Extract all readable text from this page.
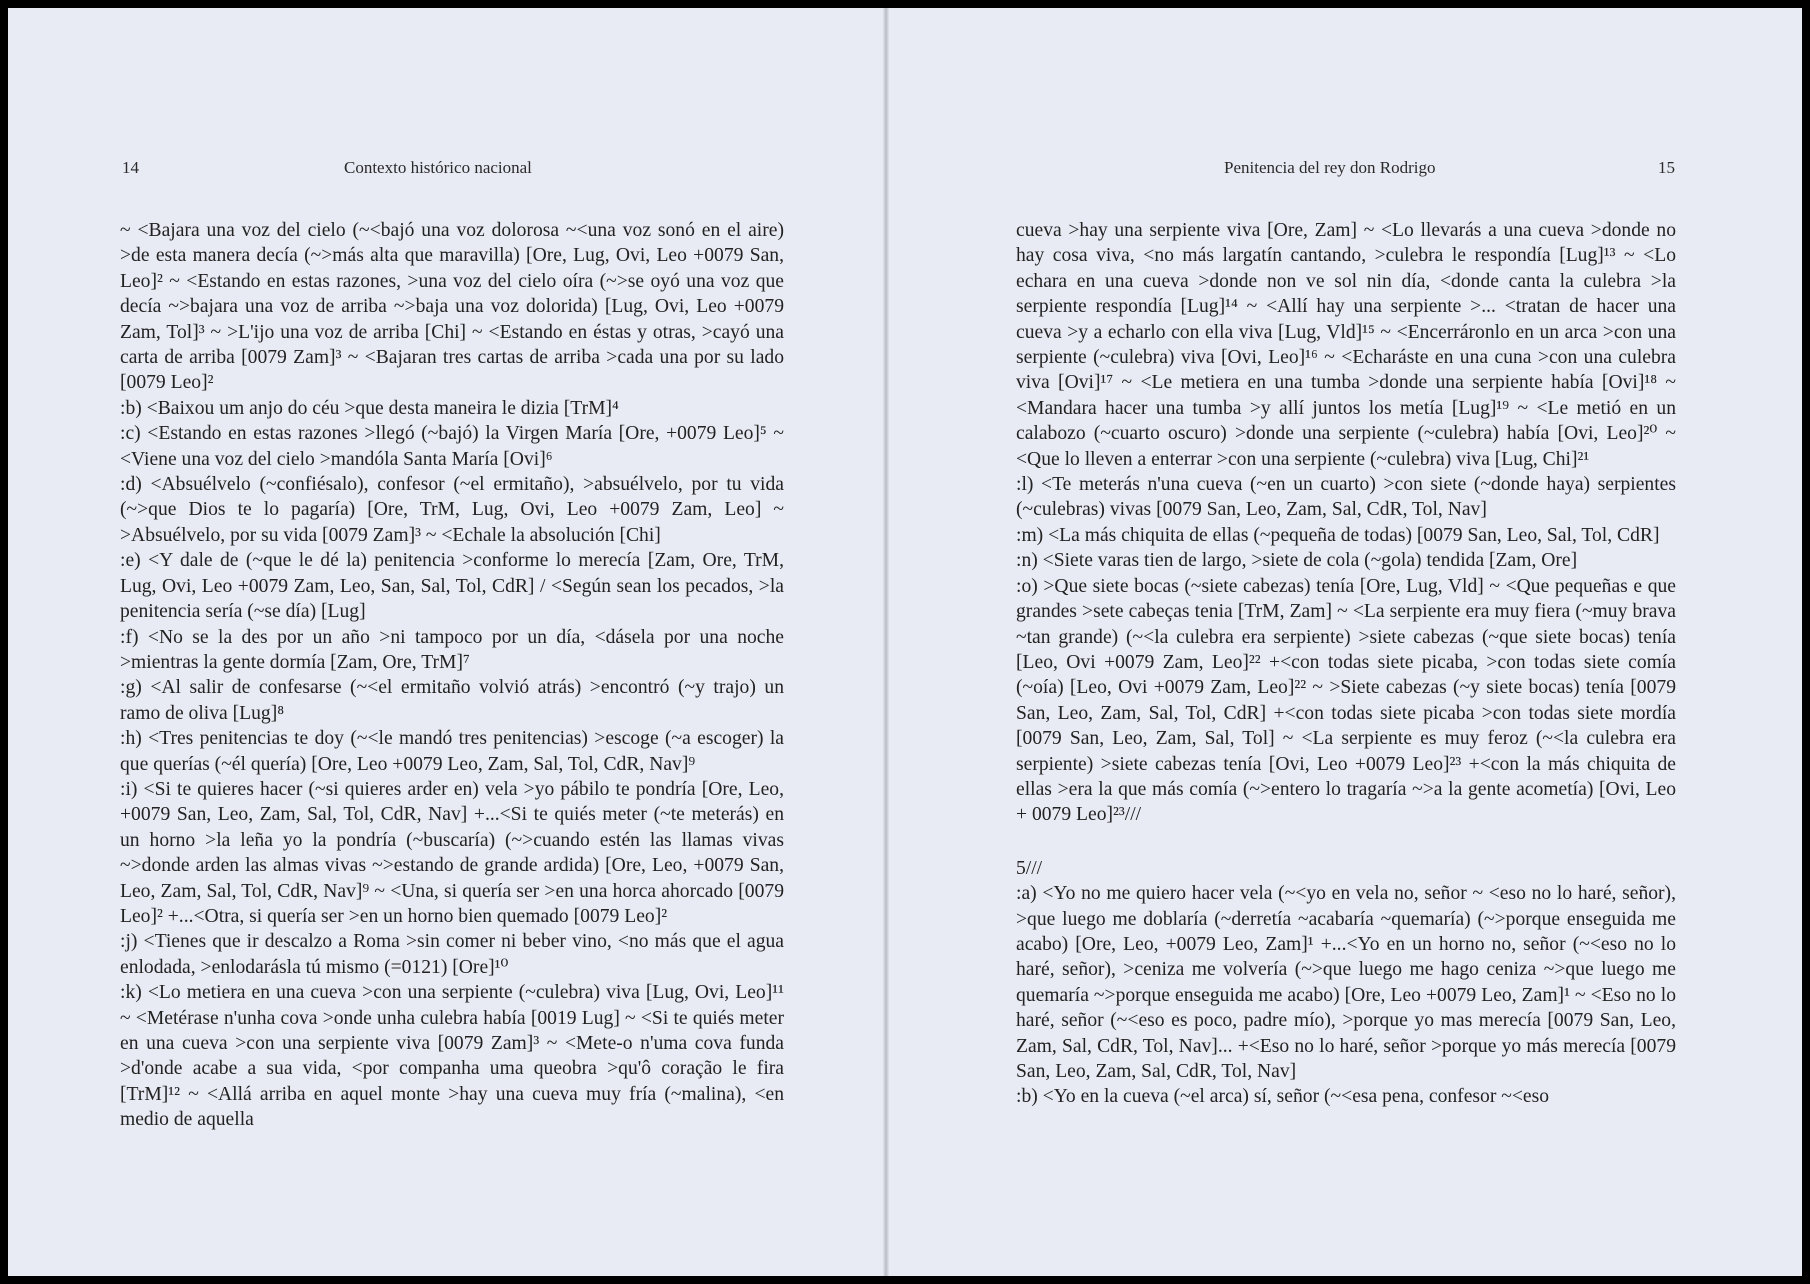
14	Contexto histórico nacional

~ <Bajara una voz del cielo (~<bajó una voz dolorosa ~<una voz sonó en el aire) >de esta manera decía (~>más alta que maravilla) [Ore, Lug, Ovi, Leo +0079 San, Leo]² ~ <Estando en estas razones, >una voz del cielo oíra (~>se oyó una voz que decía ~>bajara una voz de arriba ~>baja una voz dolorida) [Lug, Ovi, Leo +0079 Zam, Tol]³ ~ >L'ijo una voz de arriba [Chi] ~ <Estando en éstas y otras, >cayó una carta de arriba [0079 Zam]³ ~ <Bajaran tres cartas de arriba >cada una por su lado [0079 Leo]²

:b) <Baixou um anjo do céu >que desta maneira le dizia [TrM]⁴

:c) <Estando en estas razones >llegó (~bajó) la Virgen María [Ore, +0079 Leo]⁵ ~ <Viene una voz del cielo >mandóla Santa María [Ovi]⁶

:d) <Absuélvelo (~confiésalo), confesor (~el ermitaño), >absuélvelo, por tu vida (~>que Dios te lo pagaría) [Ore, TrM, Lug, Ovi, Leo +0079 Zam, Leo] ~ >Absuélvelo, por su vida [0079 Zam]³ ~ <Echale la absolución [Chi]

:e) <Y dale de (~que le dé la) penitencia >conforme lo merecía [Zam, Ore, TrM, Lug, Ovi, Leo +0079 Zam, Leo, San, Sal, Tol, CdR] / <Según sean los pecados, >la penitencia sería (~se día) [Lug]

:f) <No se la des por un año >ni tampoco por un día, <dásela por una noche >mientras la gente dormía [Zam, Ore, TrM]⁷

:g) <Al salir de confesarse (~<el ermitaño volvió atrás) >encontró (~y trajo) un ramo de oliva [Lug]⁸

:h) <Tres penitencias te doy (~<le mandó tres penitencias) >escoge (~a escoger) la que querías (~él quería) [Ore, Leo +0079 Leo, Zam, Sal, Tol, CdR, Nav]⁹

:i) <Si te quieres hacer (~si quieres arder en) vela >yo pábilo te pondría [Ore, Leo, +0079 San, Leo, Zam, Sal, Tol, CdR, Nav] +...<Si te quiés meter (~te meterás) en un horno >la leña yo la pondría (~buscaría) (~>cuando estén las llamas vivas ~>donde arden las almas vivas ~>estando de grande ardida) [Ore, Leo, +0079 San, Leo, Zam, Sal, Tol, CdR, Nav]⁹ ~ <Una, si quería ser >en una horca ahorcado [0079 Leo]² +...<Otra, si quería ser >en un horno bien quemado [0079 Leo]²

:j) <Tienes que ir descalzo a Roma >sin comer ni beber vino, <no más que el agua enlodada, >enlodarásla tú mismo (=0121) [Ore]¹⁰

:k) <Lo metiera en una cueva >con una serpiente (~culebra) viva [Lug, Ovi, Leo]¹¹ ~ <Metérase n'unha cova >onde unha culebra había [0019 Lug] ~ <Si te quiés meter en una cueva >con una serpiente viva [0079 Zam]³ ~ <Mete-o n'uma cova funda >d'onde acabe a sua vida, <por companha uma queobra >qu'ô coração le fira [TrM]¹² ~ <Allá arriba en aquel monte >hay una cueva muy fría (~malina), <en medio de aquella

Penitencia del rey don Rodrigo	15

cueva >hay una serpiente viva [Ore, Zam] ~ <Lo llevarás a una cueva >donde no hay cosa viva, <no más largatín cantando, >culebra le respondía [Lug]¹³ ~ <Lo echara en una cueva >donde non ve sol nin día, <donde canta la culebra >la serpiente respondía [Lug]¹⁴ ~ <Allí hay una serpiente >... <tratan de hacer una cueva >y a echarlo con ella viva [Lug, Vld]¹⁵ ~ <Encerráronlo en un arca >con una serpiente (~culebra) viva [Ovi, Leo]¹⁶ ~ <Echaráste en una cuna >con una culebra viva [Ovi]¹⁷ ~ <Le metiera en una tumba >donde una serpiente había [Ovi]¹⁸ ~ <Mandara hacer una tumba >y allí juntos los metía [Lug]¹⁹ ~ <Le metió en un calabozo (~cuarto oscuro) >donde una serpiente (~culebra) había [Ovi, Leo]²⁰ ~ <Que lo lleven a enterrar >con una serpiente (~culebra) viva [Lug, Chi]²¹

:l) <Te meterás n'una cueva (~en un cuarto) >con siete (~donde haya) serpientes (~culebras) vivas [0079 San, Leo, Zam, Sal, CdR, Tol, Nav]

:m) <La más chiquita de ellas (~pequeña de todas) [0079 San, Leo, Sal, Tol, CdR]

:n) <Siete varas tien de largo, >siete de cola (~gola) tendida [Zam, Ore]

:o) >Que siete bocas (~siete cabezas) tenía [Ore, Lug, Vld] ~ <Que pequeñas e que grandes >sete cabeças tenia [TrM, Zam] ~ <La serpiente era muy fiera (~muy brava ~tan grande) (~<la culebra era serpiente) >siete cabezas (~que siete bocas) tenía [Leo, Ovi +0079 Zam, Leo]²² +<con todas siete picaba, >con todas siete comía (~oía) [Leo, Ovi +0079 Zam, Leo]²² ~ >Siete cabezas (~y siete bocas) tenía [0079 San, Leo, Zam, Sal, Tol, CdR] +<con todas siete picaba >con todas siete mordía [0079 San, Leo, Zam, Sal, Tol] ~ <La serpiente es muy feroz (~<la culebra era serpiente) >siete cabezas tenía [Ovi, Leo +0079 Leo]²³ +<con la más chiquita de ellas >era la que más comía (~>entero lo tragaría ~>a la gente acometía) [Ovi, Leo + 0079 Leo]²³///

5///

:a) <Yo no me quiero hacer vela (~<yo en vela no, señor ~ <eso no lo haré, señor), >que luego me doblaría (~derretía ~acabaría ~quemaría) (~>porque enseguida me acabo) [Ore, Leo, +0079 Leo, Zam]¹ +...<Yo en un horno no, señor (~<eso no lo haré, señor), >ceniza me volvería (~>que luego me hago ceniza ~>que luego me quemaría ~>porque enseguida me acabo) [Ore, Leo +0079 Leo, Zam]¹ ~ <Eso no lo haré, señor (~<eso es poco, padre mío), >porque yo mas merecía [0079 San, Leo, Zam, Sal, CdR, Tol, Nav]... +<Eso no lo haré, señor >porque yo más merecía [0079 San, Leo, Zam, Sal, CdR, Tol, Nav]

:b) <Yo en la cueva (~el arca) sí, señor (~<esa pena, confesor ~<eso
